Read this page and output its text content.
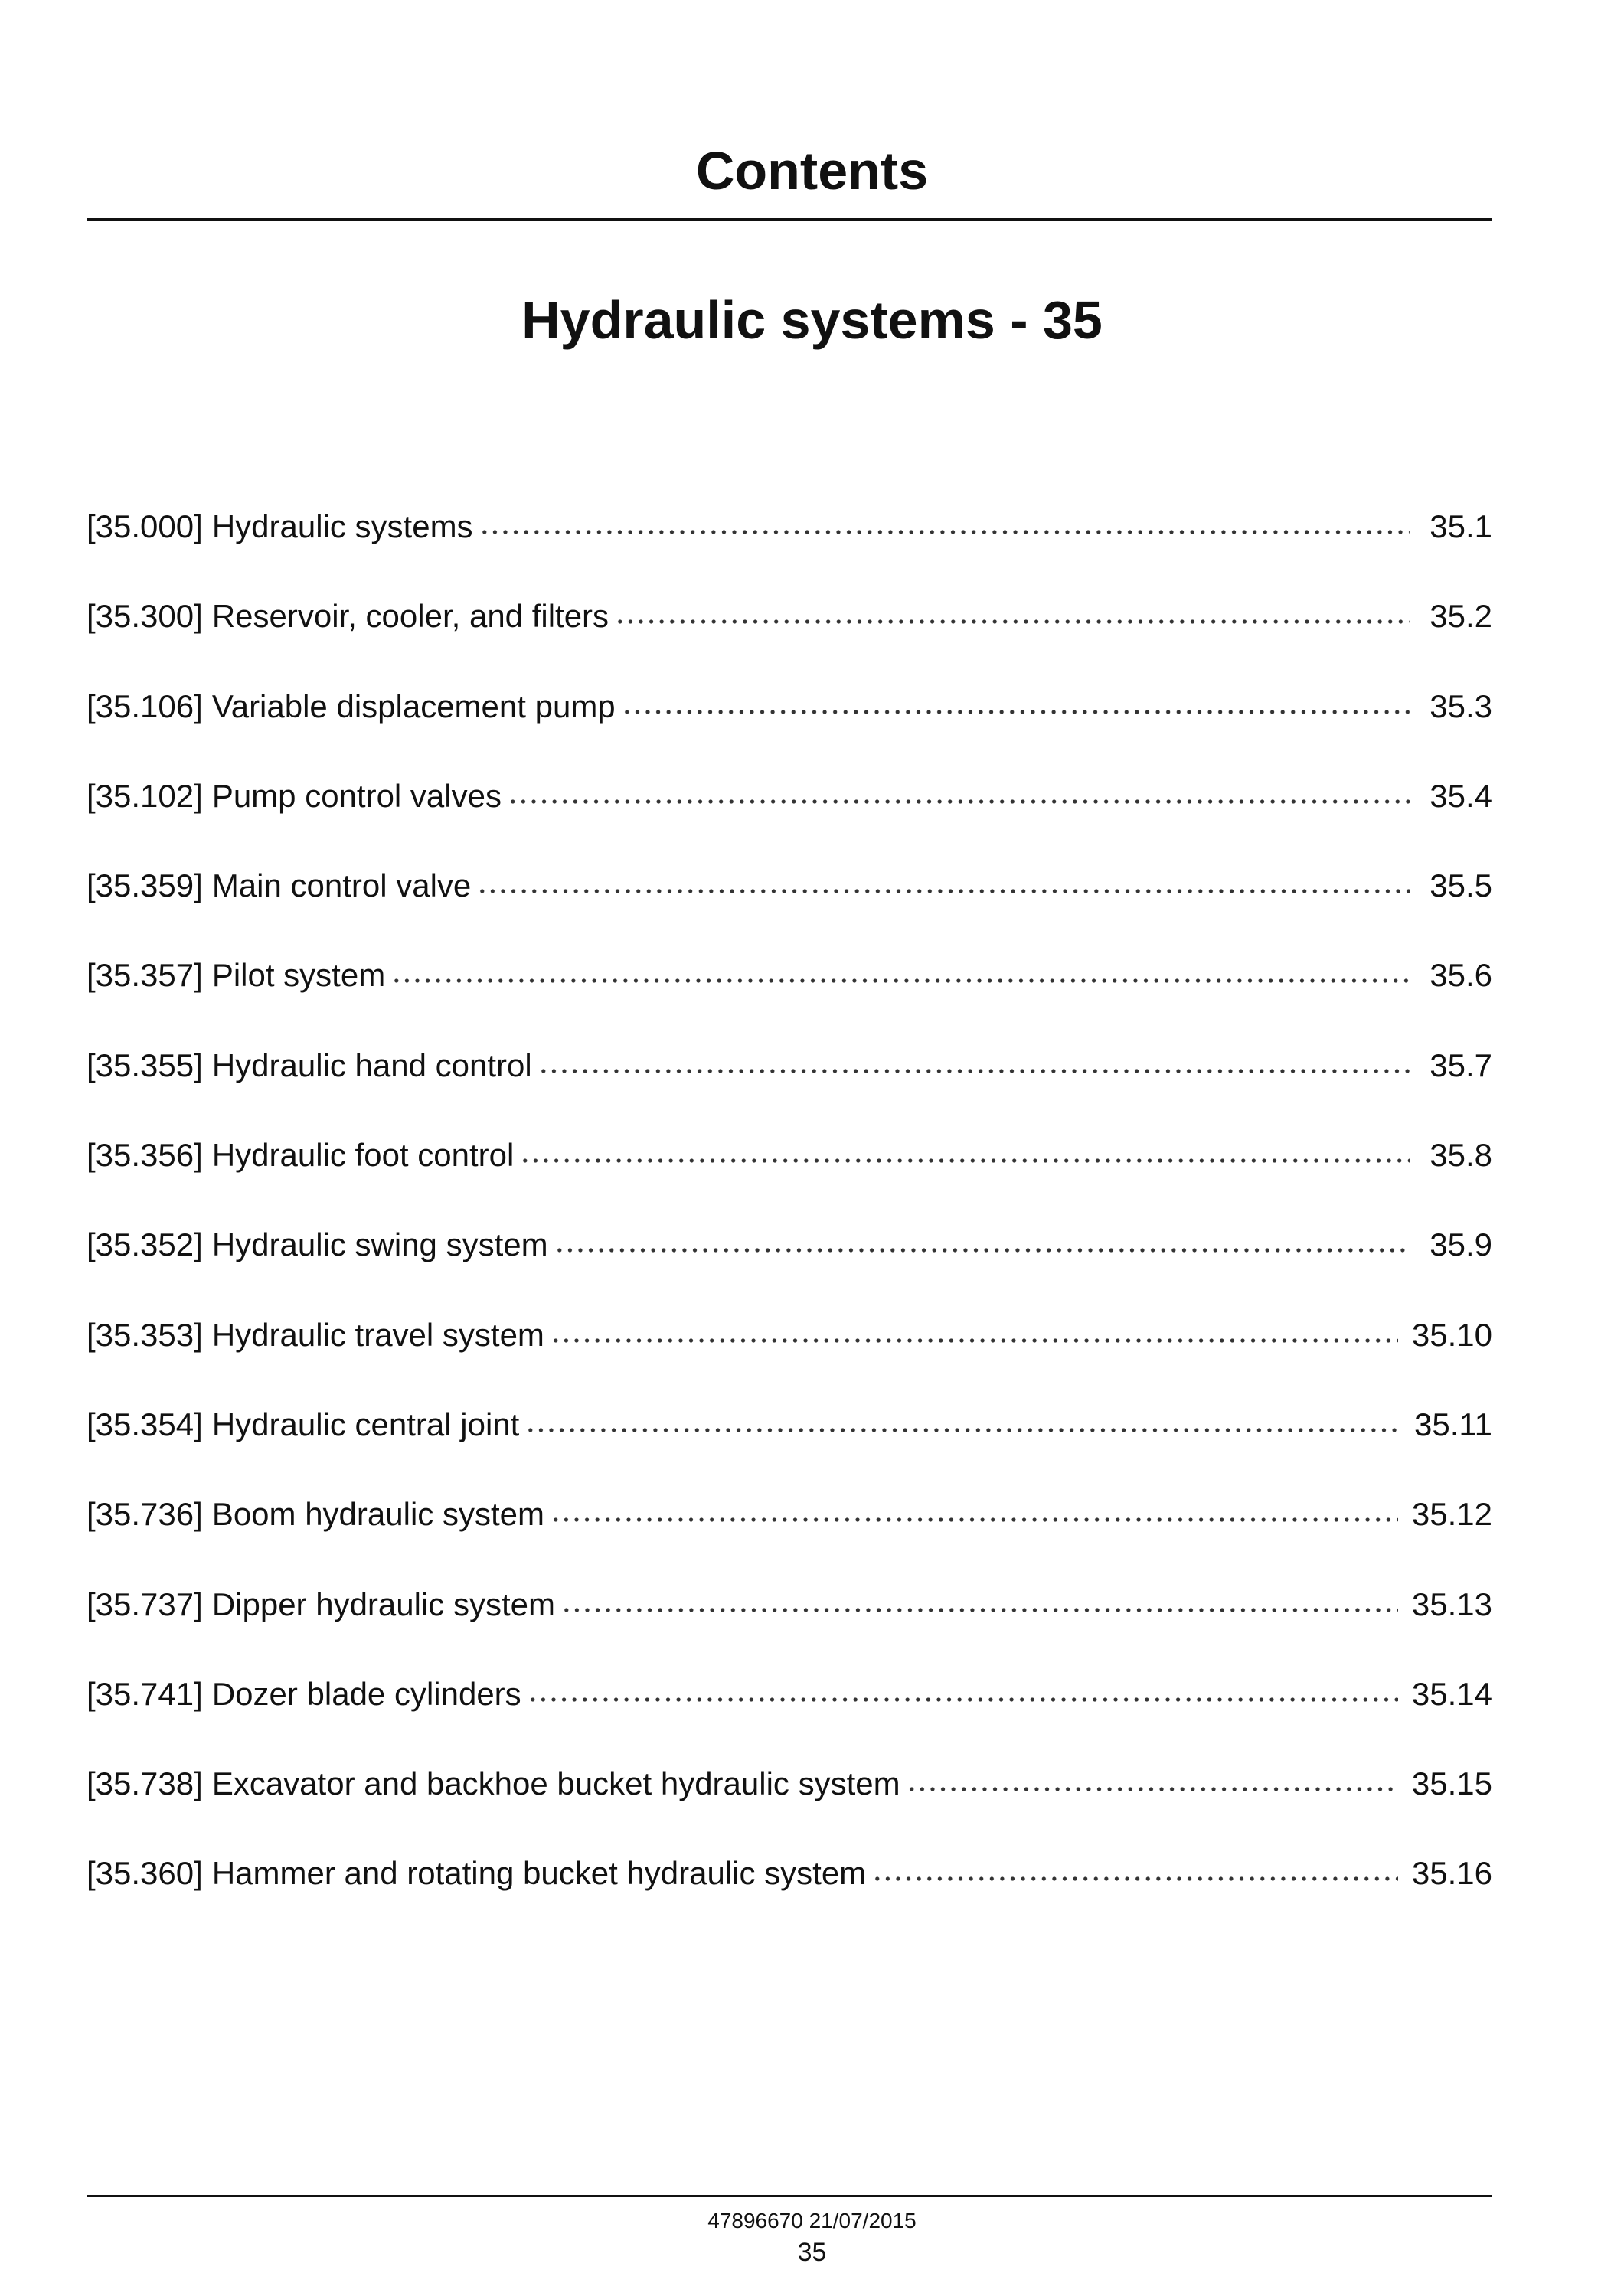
Contents
Hydraulic systems - 35
[35.000] Hydraulic systems	35.1
[35.300] Reservoir, cooler, and filters	35.2
[35.106] Variable displacement pump	35.3
[35.102] Pump control valves	35.4
[35.359] Main control valve	35.5
[35.357] Pilot system	35.6
[35.355] Hydraulic hand control	35.7
[35.356] Hydraulic foot control	35.8
[35.352] Hydraulic swing system	35.9
[35.353] Hydraulic travel system	35.10
[35.354] Hydraulic central joint	35.11
[35.736] Boom hydraulic system	35.12
[35.737] Dipper hydraulic system	35.13
[35.741] Dozer blade cylinders	35.14
[35.738] Excavator and backhoe bucket hydraulic system	35.15
[35.360] Hammer and rotating bucket hydraulic system	35.16
47896670 21/07/2015
35
